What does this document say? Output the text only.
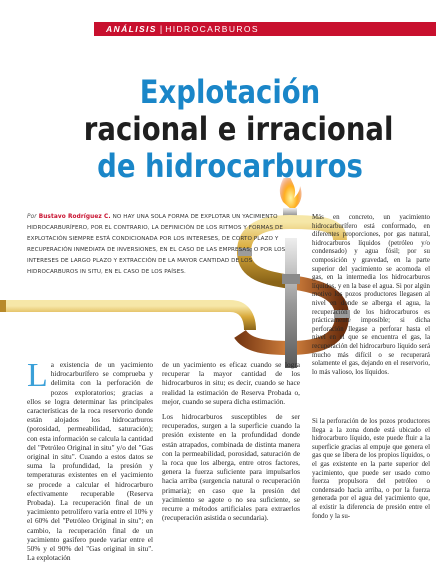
ANÁLISIS | HIDROCARBUROS
Explotación
racional e irracional
de hidrocarburos
Por Bustavo Rodríguez C. NO HAY UNA SOLA FORMA DE EXPLOTAR UN YACIMIENTO HIDROCARBURÍFERO, POR EL CONTRARIO, LA DEFINICIÓN DE LOS RITMOS Y FORMAS DE EXPLOTACIÓN SIEMPRE ESTÁ CONDICIONADA POR LOS INTERESES, DE CORTO PLAZO Y RECUPERACIÓN INMEDIATA DE INVERSIONES, EN EL CASO DE LAS EMPRESAS; O POR LOS INTERESES DE LARGO PLAZO Y EXTRACCIÓN DE LA MAYOR CANTIDAD DE LOS HIDROCARBUROS IN SITU, EN EL CASO DE LOS PAÍSES.
L a existencia de un yacimiento hidrocarburífero se comprueba y delimita con la perforación de pozos exploratorios; gracias a ellos se logra determinar las principales características de la roca reservorio donde están alojados los hidrocarburos (porosidad, permeabilidad, saturación); con esta información se calcula la cantidad del "Petróleo Original in situ" y/o del "Gas original in situ". Cuando a estos datos se suma la profundidad, la presión y temperaturas existentes en el yacimiento se procede a calcular el hidrocarburo efectivamente recuperable (Reserva Probada). La recuperación final de un yacimiento petrolífero varía entre el 10% y el 60% del "Petróleo Original in situ"; en cambio, la recuperación final de un yacimiento gasífero puede variar entre el 50% y el 90% del "Gas original in situ". La explotación

de un yacimiento es eficaz cuando se logra recuperar la mayor cantidad de los hidrocarburos in situ; es decir, cuando se hace realidad la estimación de Reserva Probada o, mejor, cuando se supera dicha estimación.

Los hidrocarburos susceptibles de ser recuperados, surgen a la superficie cuando la presión existente en la profundidad donde están atrapados, combinada de distinta manera con la permeabilidad, porosidad, saturación de la roca que los alberga, entre otros factores, genera la fuerza suficiente para impulsarlos hacia arriba (surgencia natural o recuperación primaria); en caso que la presión del yacimiento se agote o no sea suficiente, se recurre a métodos artificiales para extraerlos (recuperación asistida o secundaria).

Más en concreto, un yacimiento hidrocarburífero está conformado, en diferentes proporciones, por gas natural, hidrocarburos líquidos (petróleo y/o condensado) y agua fósil; por su composición y gravedad, en la parte superior del yacimiento se acomoda el gas, en la intermedia los hidrocarburos líquidos, y en la base el agua. Si por algún motivo los pozos productores llegasen al nivel en donde se alberga el agua, la recuperación de los hidrocarburos es prácticamente imposible; si dicha perforación llegase a perforar hasta el nivel en el que se encuentra el gas, la recuperación del hidrocarburo líquido será mucho más difícil o se recuperará solamente el gas, dejando en el reservorio, lo más valioso, los líquidos.

Si la perforación de los pozos productores llega a la zona donde está ubicado el hidrocarburo líquido, este puede fluir a la superficie gracias al empuje que genera el gas que se libera de los propios líquidos, o el gas existente en la parte superior del yacimiento, que puede ser usado como fuerza propulsora del petróleo o condensado hacia arriba, o por la fuerza generada por el agua del yacimiento que, al existir la diferencia de presión entre el fondo y la su-
